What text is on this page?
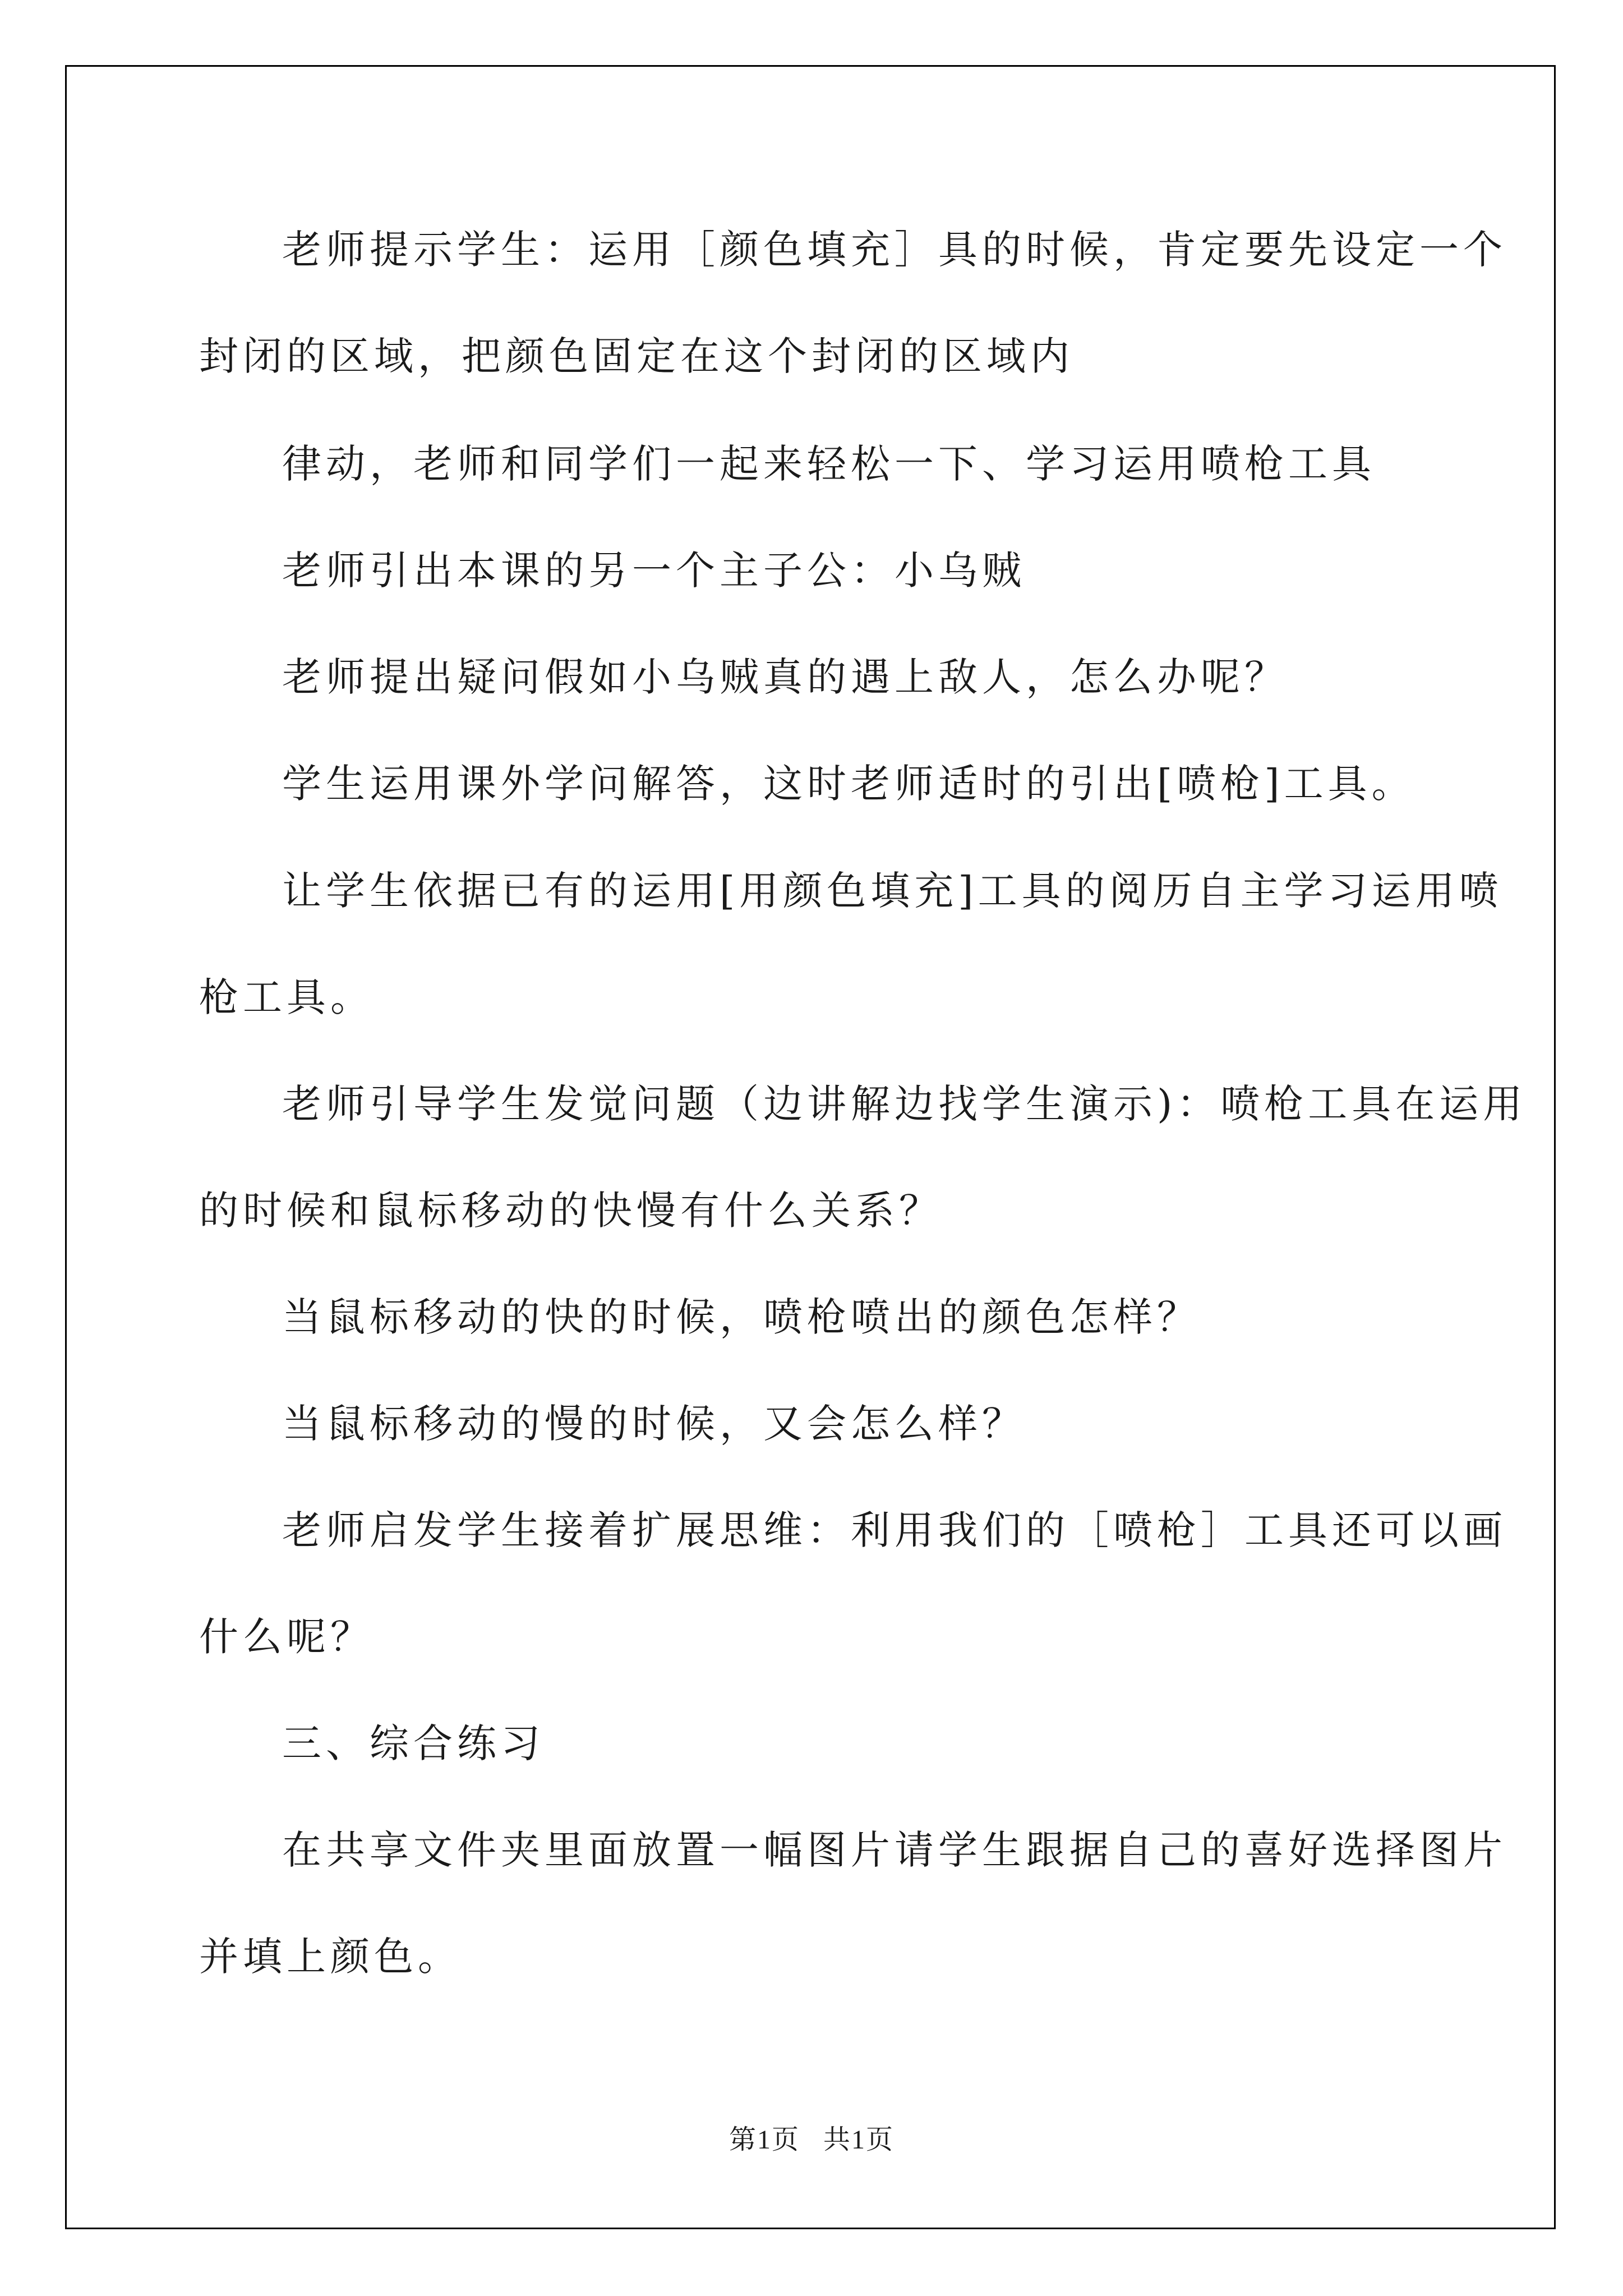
老师提示学生：运用［颜色填充］具的时候，肯定要先设定一个
封闭的区域，把颜色固定在这个封闭的区域内
律动，老师和同学们一起来轻松一下、学习运用喷枪工具
老师引出本课的另一个主子公：小乌贼
老师提出疑问假如小乌贼真的遇上敌人，怎么办呢？
学生运用课外学问解答，这时老师适时的引出[喷枪]工具。
让学生依据已有的运用[用颜色填充]工具的阅历自主学习运用喷
枪工具。
老师引导学生发觉问题（边讲解边找学生演示)：喷枪工具在运用
的时候和鼠标移动的快慢有什么关系？
当鼠标移动的快的时候，喷枪喷出的颜色怎样？
当鼠标移动的慢的时候，又会怎么样？
老师启发学生接着扩展思维：利用我们的［喷枪］工具还可以画
什么呢？
三、综合练习
在共享文件夹里面放置一幅图片请学生跟据自己的喜好选择图片
并填上颜色。
第1页 共1页
